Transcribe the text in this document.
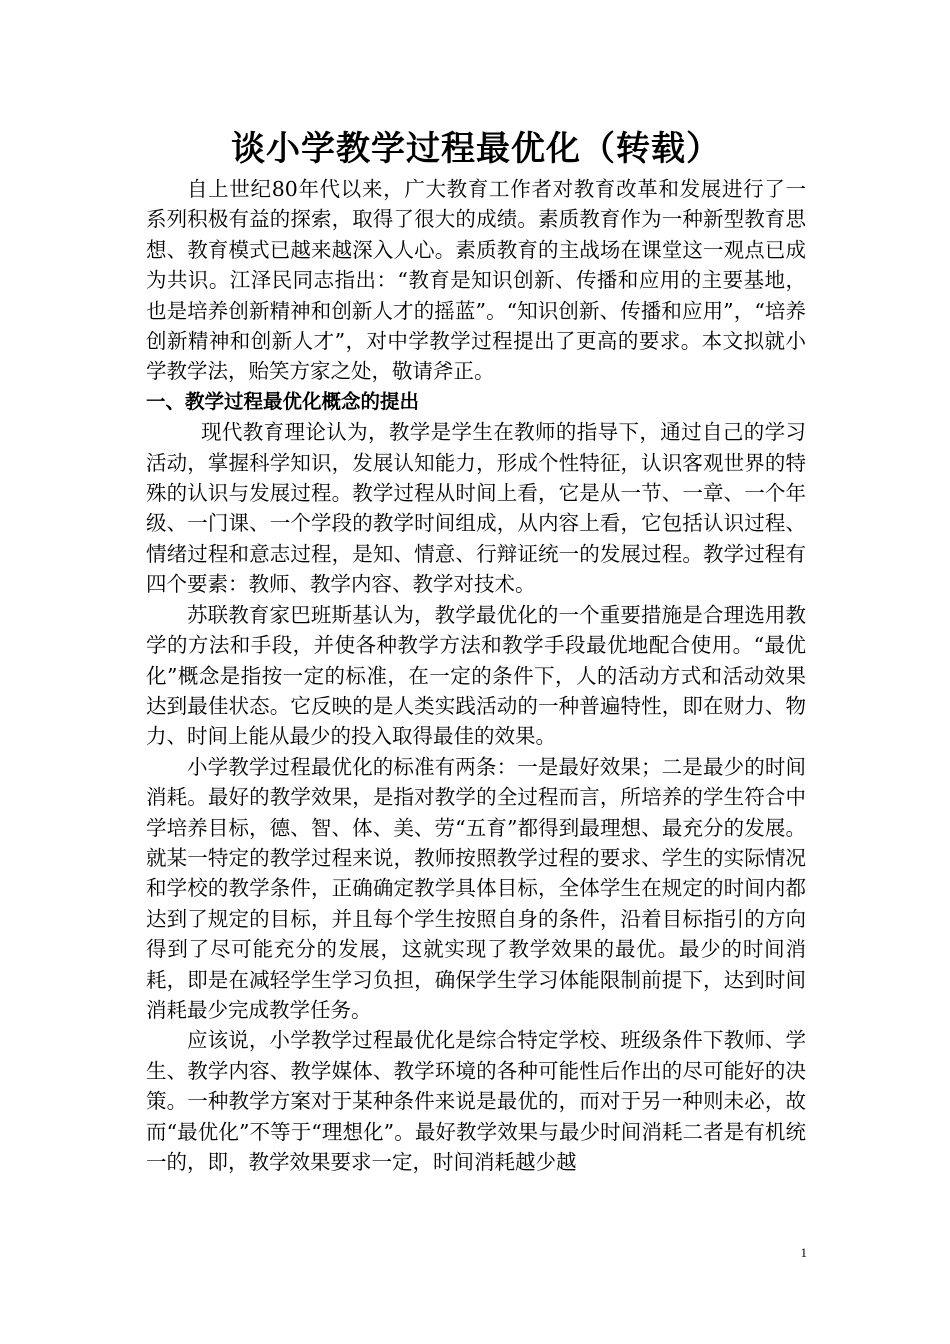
谈小学教学过程最优化（转载）

自上世纪80年代以来，广大教育工作者对教育改革和发展进行了一系列积极有益的探索，取得了很大的成绩。素质教育作为一种新型教育思想、教育模式已越来越深入人心。素质教育的主战场在课堂这一观点已成为共识。江泽民同志指出：“教育是知识创新、传播和应用的主要基地，也是培养创新精神和创新人才的摇蓝”。“知识创新、传播和应用”，“培养创新精神和创新人才”，对中学教学过程提出了更高的要求。本文拟就小学教学法，贻笑方家之处，敬请斧正。

一、教学过程最优化概念的提出

现代教育理论认为，教学是学生在教师的指导下，通过自己的学习活动，掌握科学知识，发展认知能力，形成个性特征，认识客观世界的特殊的认识与发展过程。教学过程从时间上看，它是从一节、一章、一个年级、一门课、一个学段的教学时间组成，从内容上看，它包括认识过程、情绪过程和意志过程，是知、情意、行辩证统一的发展过程。教学过程有四个要素：教师、教学内容、教学对技术。

苏联教育家巴班斯基认为，教学最优化的一个重要措施是合理选用教学的方法和手段，并使各种教学方法和教学手段最优地配合使用。“最优化”概念是指按一定的标准，在一定的条件下，人的活动方式和活动效果达到最佳状态。它反映的是人类实践活动的一种普遍特性，即在财力、物力、时间上能从最少的投入取得最佳的效果。

小学教学过程最优化的标准有两条：一是最好效果；二是最少的时间消耗。最好的教学效果，是指对教学的全过程而言，所培养的学生符合中学培养目标，德、智、体、美、劳“五育”都得到最理想、最充分的发展。就某一特定的教学过程来说，教师按照教学过程的要求、学生的实际情况和学校的教学条件，正确确定教学具体目标，全体学生在规定的时间内都达到了规定的目标，并且每个学生按照自身的条件，沿着目标指引的方向得到了尽可能充分的发展，这就实现了教学效果的最优。最少的时间消耗，即是在减轻学生学习负担，确保学生学习体能限制前提下，达到时间消耗最少完成教学任务。

应该说，小学教学过程最优化是综合特定学校、班级条件下教师、学生、教学内容、教学媒体、教学环境的各种可能性后作出的尽可能好的决策。一种教学方案对于某种条件来说是最优的，而对于另一种则未必，故而“最优化”不等于“理想化”。最好教学效果与最少时间消耗二者是有机统一的，即，教学效果要求一定，时间消耗越少越

1
